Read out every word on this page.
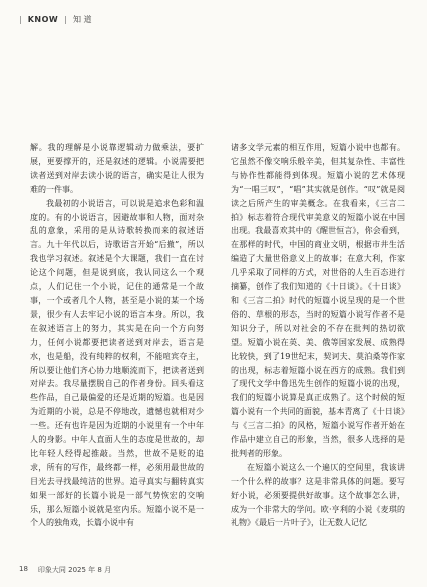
| KNOW | 知 道

解。我的理解是小说靠逻辑动力做乘法，要扩展，更要撑开的，还是叙述的逻辑。小说需要把读者送到对岸去读小说的语言，确实是让人很为难的一件事。

我最初的小说语言，可以说是追求色彩和温度的。有的小说语言，因避故事和人物，面对杂乱的意象，采用的是从诗歌转换而来的叙述语言。九十年代以后，诗歌语言开始“后撤”，所以我也学习叙述。叙述是个大课题，我们一直在讨论这个问题，但是说到底，我认同这么一个观点，人们记住一个小说，记住的通常是一个故事，一个或者几个人物，甚至是小说的某一个场景，很少有人去牢记小说的语言本身。所以，我在叙述语言上的努力，其实是在向一个方向努力，任何小说都要把读者送到对岸去，语言是水，也是船，没有纯粹的权利，不能喧宾夺主，所以要让他们齐心协力地顺流而下，把读者送到对岸去。我尽量摆脱自己的作者身份。回头看这些作品，自己最偏爱的还是近期的短篇。也是因为近期的小说，总是不停地改，遗憾也就相对少一些。还有也许是因为近期的小说里有一个中年人的身影。中年人直面人生的态度是世故的，却比年轻人经得起推敲。当然，世故不是贬的追求，所有的写作，最终都一样，必须用最世故的目光去寻找最纯洁的世界。追寻真实与翻转真实如果一部好的长篇小说是一部气势恢宏的交响乐，那么短篇小说就是室内乐。短篇小说不是一个人的独角戏，长篇小说中有

诸多文学元素的相互作用，短篇小说中也都有。它虽然不像交响乐般辛美，但其复杂性、丰富性与协作性都能得到体现。短篇小说的艺术体现为“一唱三叹”，“唱”其实就是创作。“叹”就是阅读之后所产生的审美概念。在我看来，《三言二拍》标志着符合现代审美意义的短篇小说在中国出现。我最喜欢其中的《醒世恒言》，你会看到，在那样的时代，中国的商业文明，根据市井生活编造了大量世俗意义上的故事；在意大利，作家几乎采取了同样的方式，对世俗的人生百态进行摘纂，创作了我们知道的《十日谈》。《十日谈》和《三言二拍》时代的短篇小说呈现的是一个世俗的、草根的形态，当时的短篇小说写作者不是知识分子，所以对社会的不存在批判的热切欲望。短篇小说在英、美、俄等国家发展、成熟得比较快，到了19世纪末，契诃夫、莫泊桑等作家的出现，标志着短篇小说在西方的成熟。我们到了现代文学中鲁迅先生创作的短篇小说的出现，我们的短篇小说算是真正成熟了。这个时候的短篇小说有一个共同的面貌，基本青离了《十日谈》与《三言二拍》的风格，短篇小说写作者开始在作品中建立自己的形象，当然，很多人选择的是批判者的形象。

在短篇小说这么一个遍仄的空间里，我该讲一个什么样的故事？这是非常具体的问题。要写好小说，必须要提供好故事。这个故事怎么讲，成为一个非常大的学问。欧·亨利的小说《麦琪的礼物》《最后一片叶子》，让无数人记忆

18 印象大同 2025 年 8 月
